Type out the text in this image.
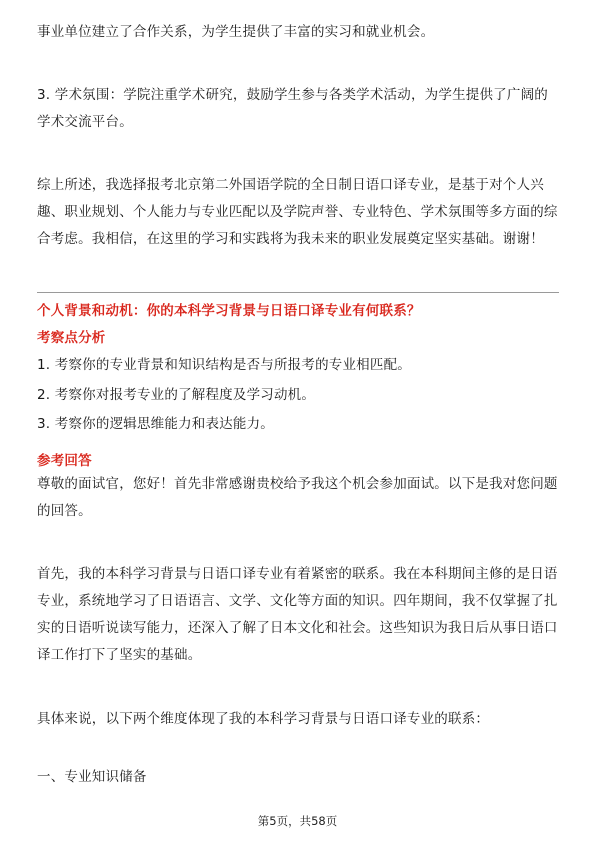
事业单位建立了合作关系，为学生提供了丰富的实习和就业机会。

3. 学术氛围：学院注重学术研究，鼓励学生参与各类学术活动，为学生提供了广阔的学术交流平台。

综上所述，我选择报考北京第二外国语学院的全日制日语口译专业，是基于对个人兴趣、职业规划、个人能力与专业匹配以及学院声誉、专业特色、学术氛围等多方面的综合考虑。我相信，在这里的学习和实践将为我未来的职业发展奠定坚实基础。谢谢！

个人背景和动机：你的本科学习背景与日语口译专业有何联系？

考察点分析

1. 考察你的专业背景和知识结构是否与所报考的专业相匹配。

2. 考察你对报考专业的了解程度及学习动机。

3. 考察你的逻辑思维能力和表达能力。

参考回答

尊敬的面试官，您好！首先非常感谢贵校给予我这个机会参加面试。以下是我对您问题的回答。

首先，我的本科学习背景与日语口译专业有着紧密的联系。我在本科期间主修的是日语专业，系统地学习了日语语言、文学、文化等方面的知识。四年期间，我不仅掌握了扎实的日语听说读写能力，还深入了解了日本文化和社会。这些知识为我日后从事日语口译工作打下了坚实的基础。

具体来说，以下两个维度体现了我的本科学习背景与日语口译专业的联系：

一、专业知识储备

第5页，共58页
